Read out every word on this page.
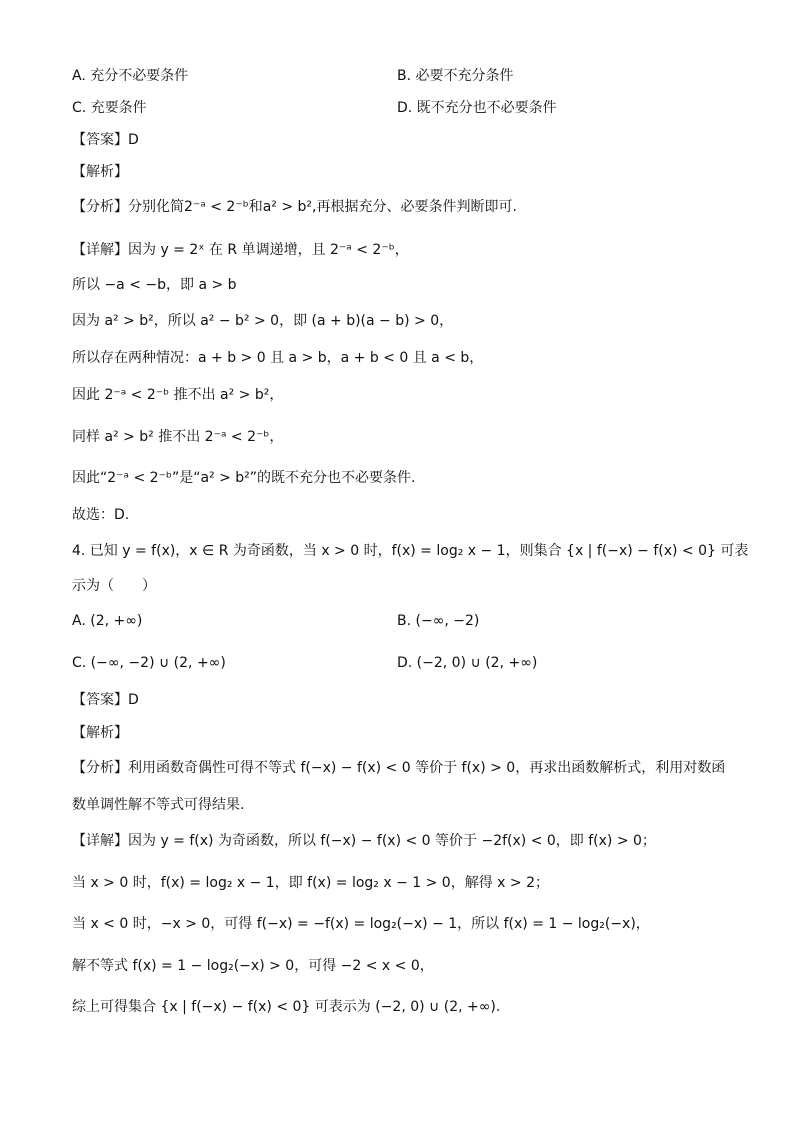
A. 充分不必要条件	B. 必要不充分条件
C. 充要条件	D. 既不充分也不必要条件
【答案】D
【解析】
【分析】分别化简2⁻ᵃ < 2⁻ᵇ和a² > b²,再根据充分、必要条件判断即可.
【详解】因为 y = 2ˣ 在 R 单调递增，且 2⁻ᵃ < 2⁻ᵇ，
所以 −a < −b，即 a > b
因为 a² > b²，所以 a² − b² > 0，即 (a + b)(a − b) > 0，
所以存在两种情况：a + b > 0 且 a > b，a + b < 0 且 a < b，
因此 2⁻ᵃ < 2⁻ᵇ 推不出 a² > b²，
同样 a² > b² 推不出 2⁻ᵃ < 2⁻ᵇ，
因此“2⁻ᵃ < 2⁻ᵇ”是“a² > b²”的既不充分也不必要条件.
故选：D.
4. 已知 y = f(x)，x ∈ R 为奇函数，当 x > 0 时，f(x) = log₂ x − 1，则集合 {x | f(−x) − f(x) < 0} 可表
示为（　　）
A. (2, +∞)	B. (−∞, −2)
C. (−∞, −2) ∪ (2, +∞)	D. (−2, 0) ∪ (2, +∞)
【答案】D
【解析】
【分析】利用函数奇偶性可得不等式 f(−x) − f(x) < 0 等价于 f(x) > 0，再求出函数解析式，利用对数函
数单调性解不等式可得结果.
【详解】因为 y = f(x) 为奇函数，所以 f(−x) − f(x) < 0 等价于 −2f(x) < 0，即 f(x) > 0；
当 x > 0 时，f(x) = log₂ x − 1，即 f(x) = log₂ x − 1 > 0，解得 x > 2；
当 x < 0 时，−x > 0，可得 f(−x) = −f(x) = log₂(−x) − 1，所以 f(x) = 1 − log₂(−x)，
解不等式 f(x) = 1 − log₂(−x) > 0，可得 −2 < x < 0，
综上可得集合 {x | f(−x) − f(x) < 0} 可表示为 (−2, 0) ∪ (2, +∞).
